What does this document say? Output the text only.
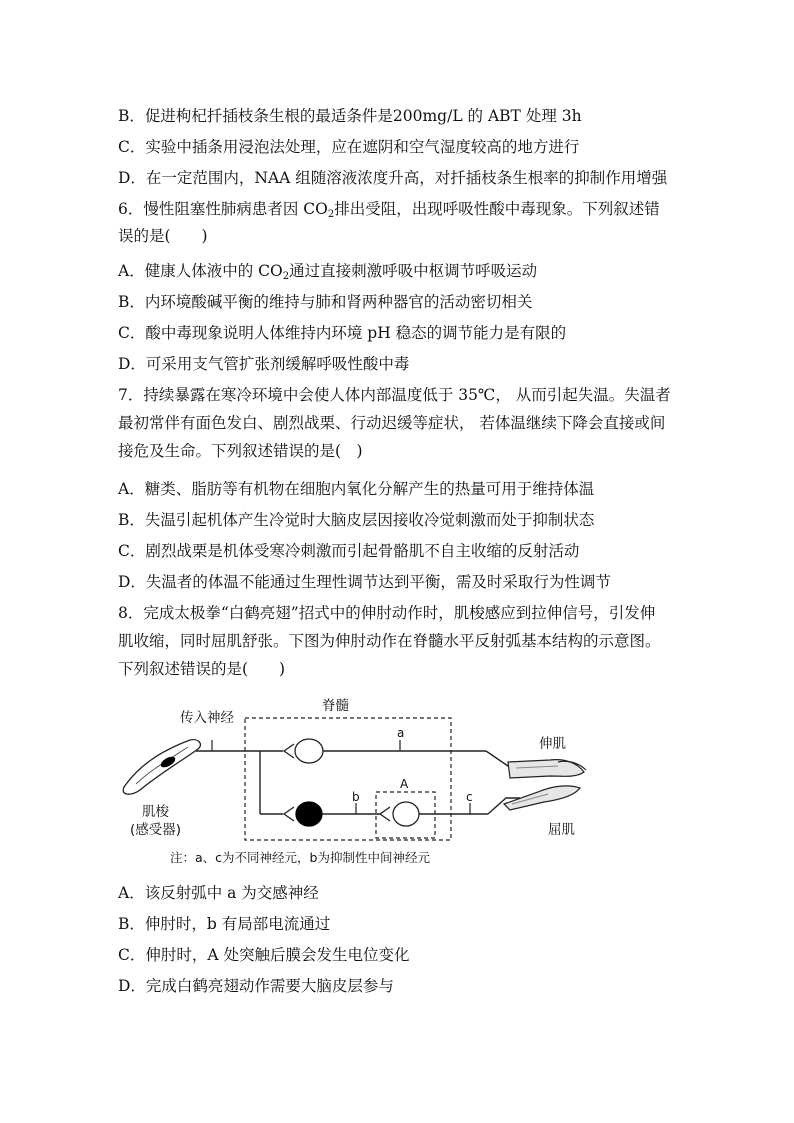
B．促进枸杞扦插枝条生根的最适条件是200mg/L 的 ABT 处理 3h
C．实验中插条用浸泡法处理，应在遮阴和空气湿度较高的地方进行
D．在一定范围内，NAA 组随溶液浓度升高，对扦插枝条生根率的抑制作用增强
6．慢性阻塞性肺病患者因 $CO_2$排出受阻，出现呼吸性酸中毒现象。下列叙述错
误的是(　　)
A．健康人体液中的 $CO_2$通过直接刺激呼吸中枢调节呼吸运动
B．内环境酸碱平衡的维持与肺和肾两种器官的活动密切相关
C．酸中毒现象说明人体维持内环境 pH 稳态的调节能力是有限的
D．可采用支气管扩张剂缓解呼吸性酸中毒
7．持续暴露在寒冷环境中会使人体内部温度低于 35℃， 从而引起失温。失温者
最初常伴有面色发白、剧烈战栗、行动迟缓等症状， 若体温继续下降会直接或间
接危及生命。下列叙述错误的是(　)
A．糖类、脂肪等有机物在细胞内氧化分解产生的热量可用于维持体温
B．失温引起机体产生冷觉时大脑皮层因接收冷觉刺激而处于抑制状态
C．剧烈战栗是机体受寒冷刺激而引起骨骼肌不自主收缩的反射活动
D．失温者的体温不能通过生理性调节达到平衡，需及时采取行为性调节
8．完成太极拳“白鹤亮翅”招式中的伸肘动作时，肌梭感应到拉伸信号，引发伸
肌收缩，同时屈肌舒张。下图为伸肘动作在脊髓水平反射弧基本结构的示意图。
下列叙述错误的是(　　)
传入神经
脊髓
a
b	c
A
伸肌
屈肌
肌梭
(感受器)
注：a、c为不同神经元，b为抑制性中间神经元
A．该反射弧中 a 为交感神经
B．伸肘时，b 有局部电流通过
C．伸肘时，A 处突触后膜会发生电位变化
D．完成白鹤亮翅动作需要大脑皮层参与
